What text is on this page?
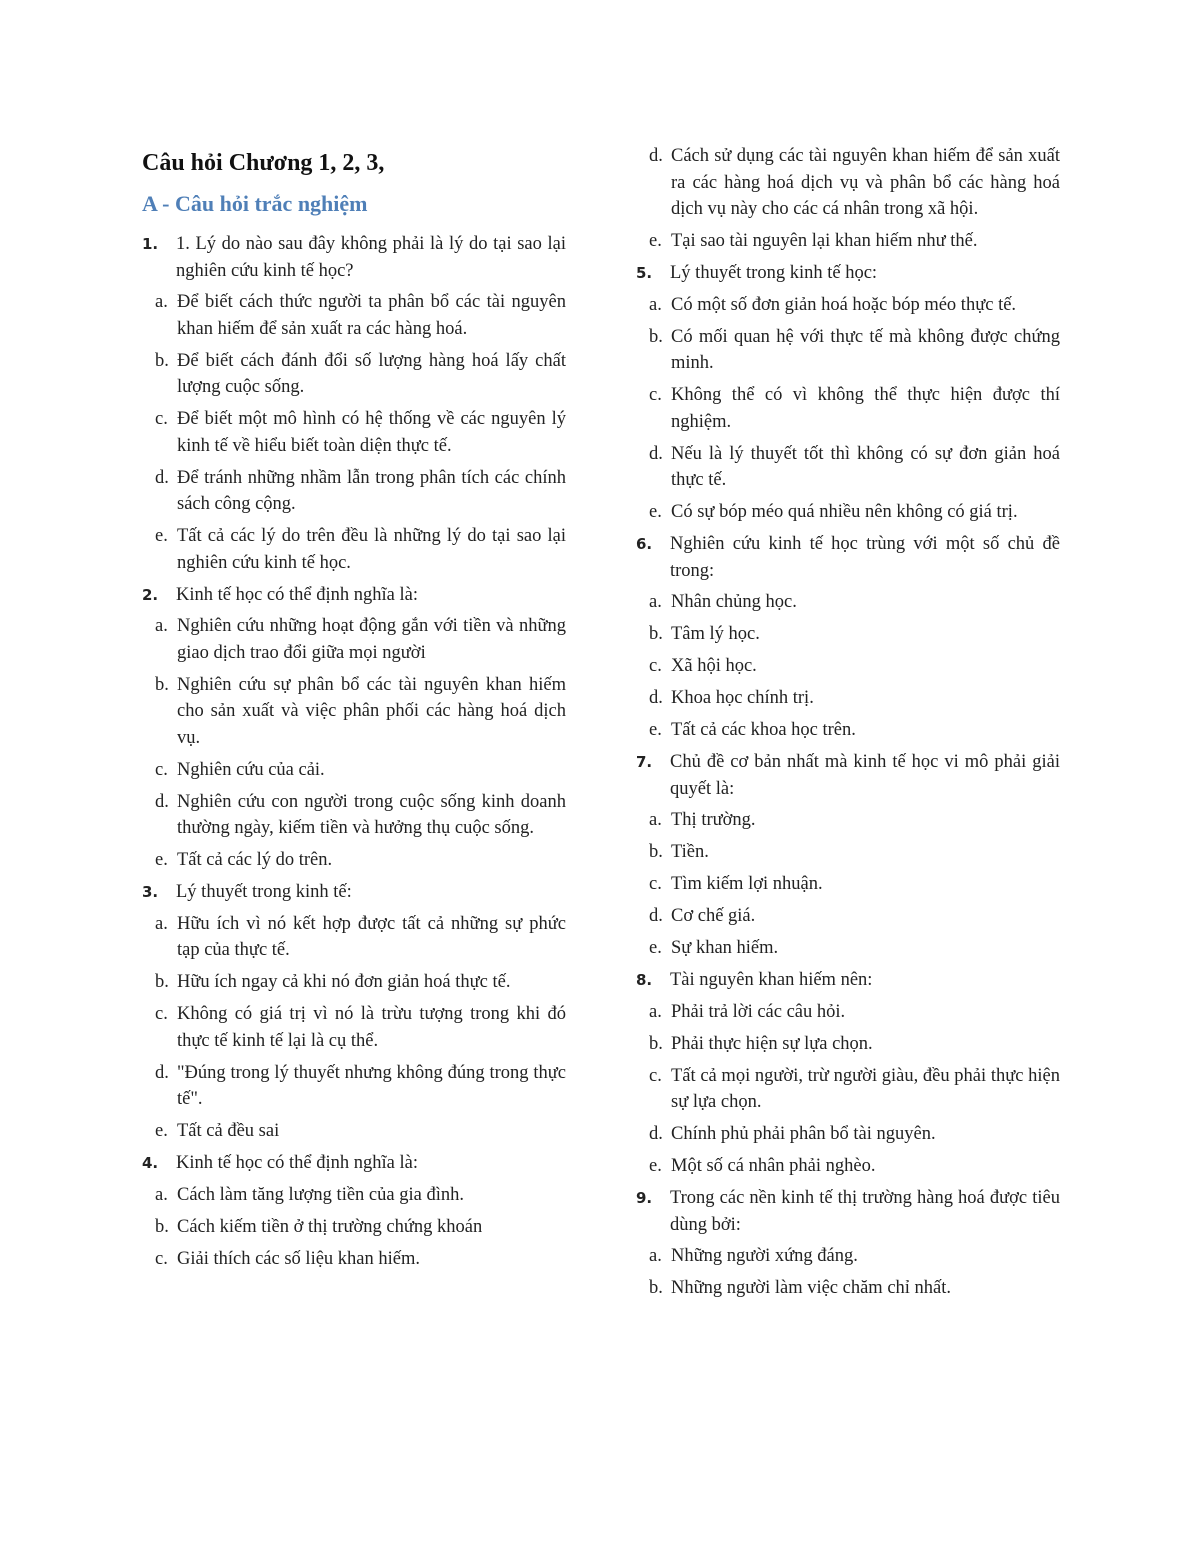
Câu hỏi Chương 1, 2, 3,
A - Câu hỏi trắc nghiệm
1. 1. Lý do nào sau đây không phải là lý do tại sao lại nghiên cứu kinh tế học?
a. Để biết cách thức người ta phân bổ các tài nguyên khan hiếm để sản xuất ra các hàng hoá.
b. Để biết cách đánh đổi số lượng hàng hoá lấy chất lượng cuộc sống.
c. Để biết một mô hình có hệ thống về các nguyên lý kinh tế về hiểu biết toàn diện thực tế.
d. Để tránh những nhầm lẫn trong phân tích các chính sách công cộng.
e. Tất cả các lý do trên đều là những lý do tại sao lại nghiên cứu kinh tế học.
2. Kinh tế học có thể định nghĩa là:
a. Nghiên cứu những hoạt động gắn với tiền và những giao dịch trao đổi giữa mọi người
b. Nghiên cứu sự phân bổ các tài nguyên khan hiếm cho sản xuất và việc phân phối các hàng hoá dịch vụ.
c. Nghiên cứu của cải.
d. Nghiên cứu con người trong cuộc sống kinh doanh thường ngày, kiếm tiền và hưởng thụ cuộc sống.
e. Tất cả các lý do trên.
3. Lý thuyết trong kinh tế:
a. Hữu ích vì nó kết hợp được tất cả những sự phức tạp của thực tế.
b. Hữu ích ngay cả khi nó đơn giản hoá thực tế.
c. Không có giá trị vì nó là trừu tượng trong khi đó thực tế kinh tế lại là cụ thể.
d. "Đúng trong lý thuyết nhưng không đúng trong thực tế".
e. Tất cả đều sai
4. Kinh tế học có thể định nghĩa là:
a. Cách làm tăng lượng tiền của gia đình.
b. Cách kiếm tiền ở thị trường chứng khoán
c. Giải thích các số liệu khan hiếm.
d. Cách sử dụng các tài nguyên khan hiếm để sản xuất ra các hàng hoá dịch vụ và phân bổ các hàng hoá dịch vụ này cho các cá nhân trong xã hội.
e. Tại sao tài nguyên lại khan hiếm như thế.
5. Lý thuyết trong kinh tế học:
a. Có một số đơn giản hoá hoặc bóp méo thực tế.
b. Có mối quan hệ với thực tế mà không được chứng minh.
c. Không thể có vì không thể thực hiện được thí nghiệm.
d. Nếu là lý thuyết tốt thì không có sự đơn giản hoá thực tế.
e. Có sự bóp méo quá nhiều nên không có giá trị.
6. Nghiên cứu kinh tế học trùng với một số chủ đề trong:
a. Nhân chủng học.
b. Tâm lý học.
c. Xã hội học.
d. Khoa học chính trị.
e. Tất cả các khoa học trên.
7. Chủ đề cơ bản nhất mà kinh tế học vi mô phải giải quyết là:
a. Thị trường.
b. Tiền.
c. Tìm kiếm lợi nhuận.
d. Cơ chế giá.
e. Sự khan hiếm.
8. Tài nguyên khan hiếm nên:
a. Phải trả lời các câu hỏi.
b. Phải thực hiện sự lựa chọn.
c. Tất cả mọi người, trừ người giàu, đều phải thực hiện sự lựa chọn.
d. Chính phủ phải phân bổ tài nguyên.
e. Một số cá nhân phải nghèo.
9. Trong các nền kinh tế thị trường hàng hoá được tiêu dùng bởi:
a. Những người xứng đáng.
b. Những người làm việc chăm chỉ nhất.
